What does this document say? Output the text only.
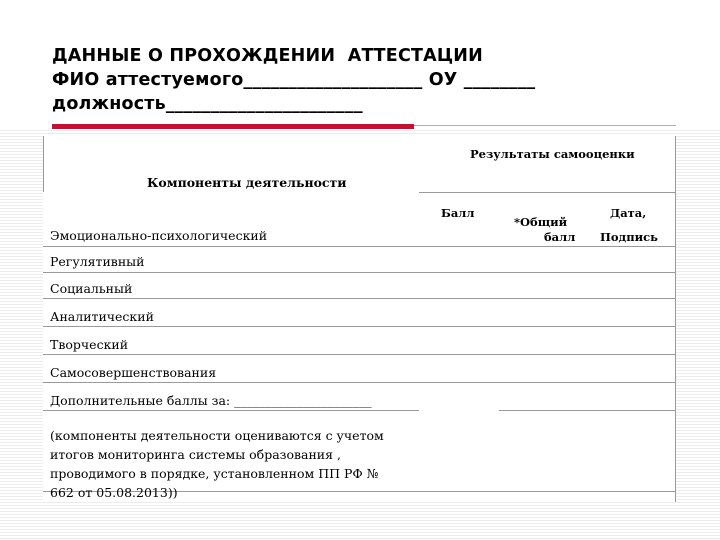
ДАННЫЕ О ПРОХОЖДЕНИИ  АТТЕСТАЦИИ
ФИО аттестуемого____________________ ОУ ________
должность______________________
Компоненты деятельности
Результаты самооценки
Балл
*Общий
балл
Дата,
Подпись
Эмоционально-психологический
Регулятивный
Социальный
Аналитический
Творческий
Самосовершенствования
Дополнительные баллы за: ______________________
(компоненты деятельности оцениваются с учетом
итогов мониторинга системы образования ,
проводимого в порядке, установленном ПП РФ №
662 от 05.08.2013))
